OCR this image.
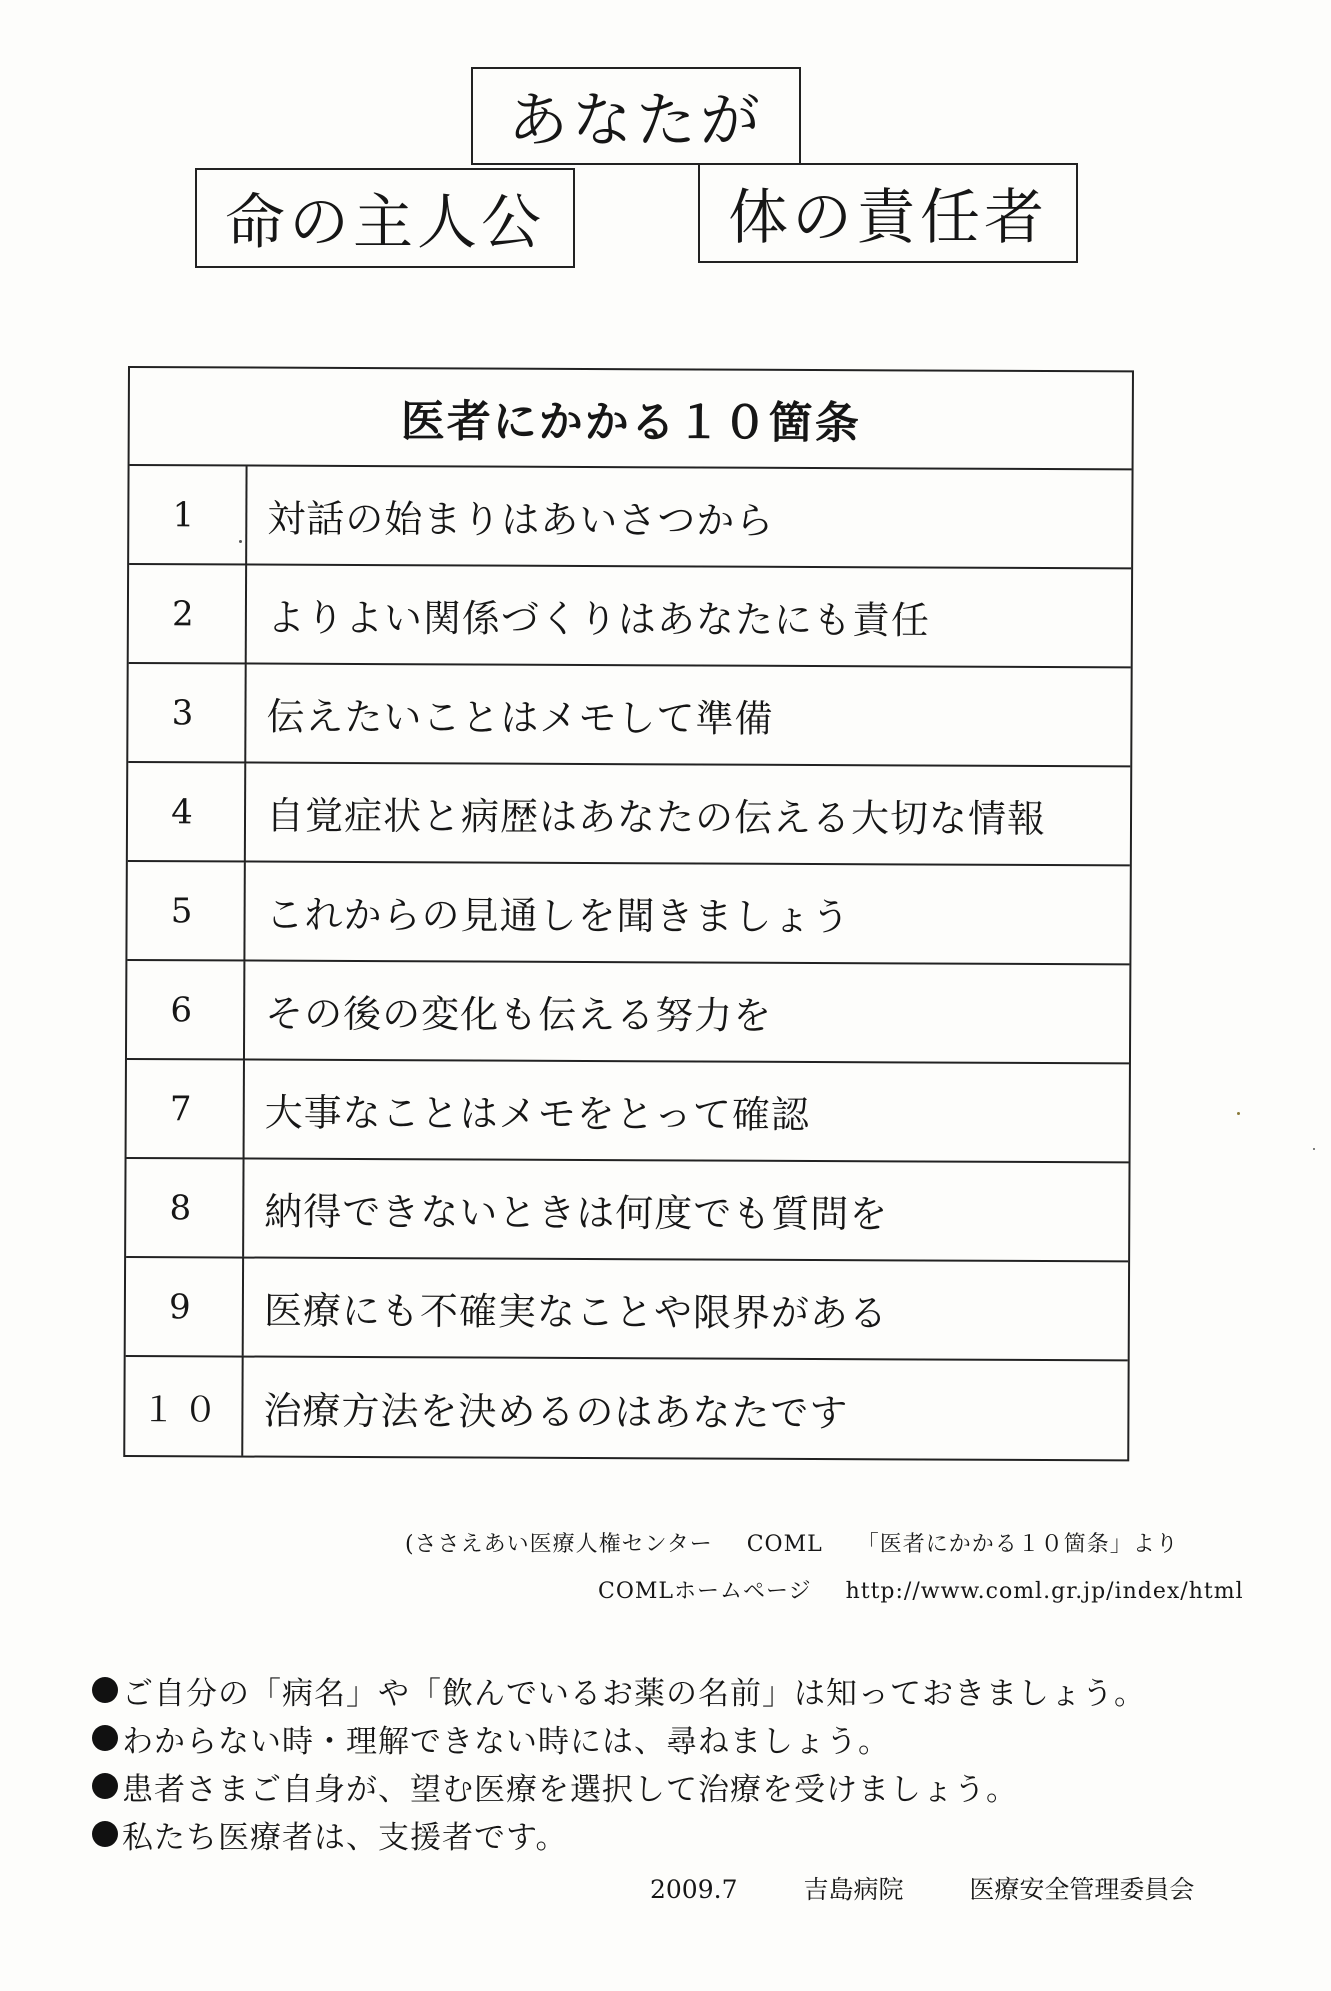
あなたが
命の主人公	体の責任者
医者にかかる１０箇条
1	対話の始まりはあいさつから
2	よりよい関係づくりはあなたにも責任
3	伝えたいことはメモして準備
4	自覚症状と病歴はあなたの伝える大切な情報
5	これからの見通しを聞きましょう
6	その後の変化も伝える努力を
7	大事なことはメモをとって確認
8	納得できないときは何度でも質問を
9	医療にも不確実なことや限界がある
１０ 治療方法を決めるのはあなたです
(ささえあい医療人権センター COML 「医者にかかる１０箇条」より
COMLホームページ http://www.coml.gr.jp/index/html
ご自分の「病名」や「飲んでいるお薬の名前」は知っておきましょう。
わからない時・理解できない時には、尋ねましょう。
患者さまご自身が、望む医療を選択して治療を受けましょう。
私たち医療者は、支援者です。
2009.7	吉島病院	医療安全管理委員会
